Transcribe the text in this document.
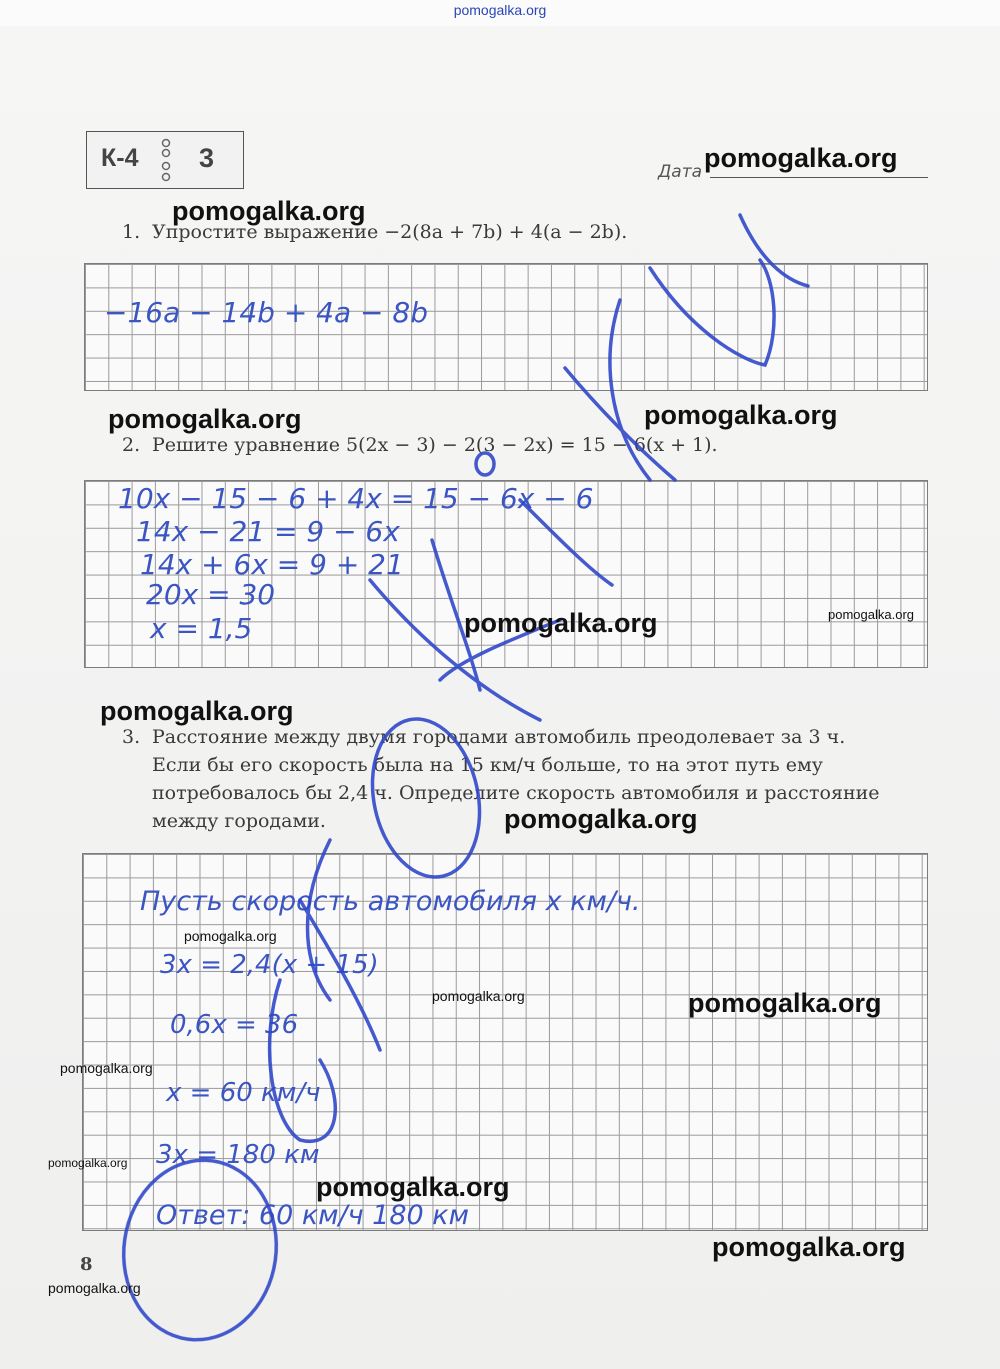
pomogalka.org
К-4 3	Дата
1. Упростите выражение −2(8a + 7b) + 4(a − 2b).
−16a − 14b + 4a − 8b
2. Решите уравнение 5(2x − 3) − 2(3 − 2x) = 15 − 6(x + 1).
10x − 15 − 6 + 4x = 15 − 6x − 6
14x − 21 = 9 − 6x
14x + 6x = 9 + 21
20x = 30
x = 1,5
3. Расстояние между двумя городами автомобиль преодолевает за 3 ч.
Если бы его скорость была на 15 км/ч больше, то на этот путь ему
потребовалось бы 2,4 ч. Определите скорость автомобиля и расстояние
между городами.
Пусть скорость автомобиля x км/ч.
3x = 2,4(x + 15)
0,6x = 36
x = 60 км/ч
3x = 180 км
Ответ: 60 км/ч 180 км
8
pomogalka.org
pomogalka.org
pomogalka.org	pomogalka.org
pomogalka.org	pomogalka.org
pomogalka.org
pomogalka.org
pomogalka.org
pomogalka.org	pomogalka.org
pomogalka.org
pomogalka.org
pomogalka.org
pomogalka.org
pomogalka.org
